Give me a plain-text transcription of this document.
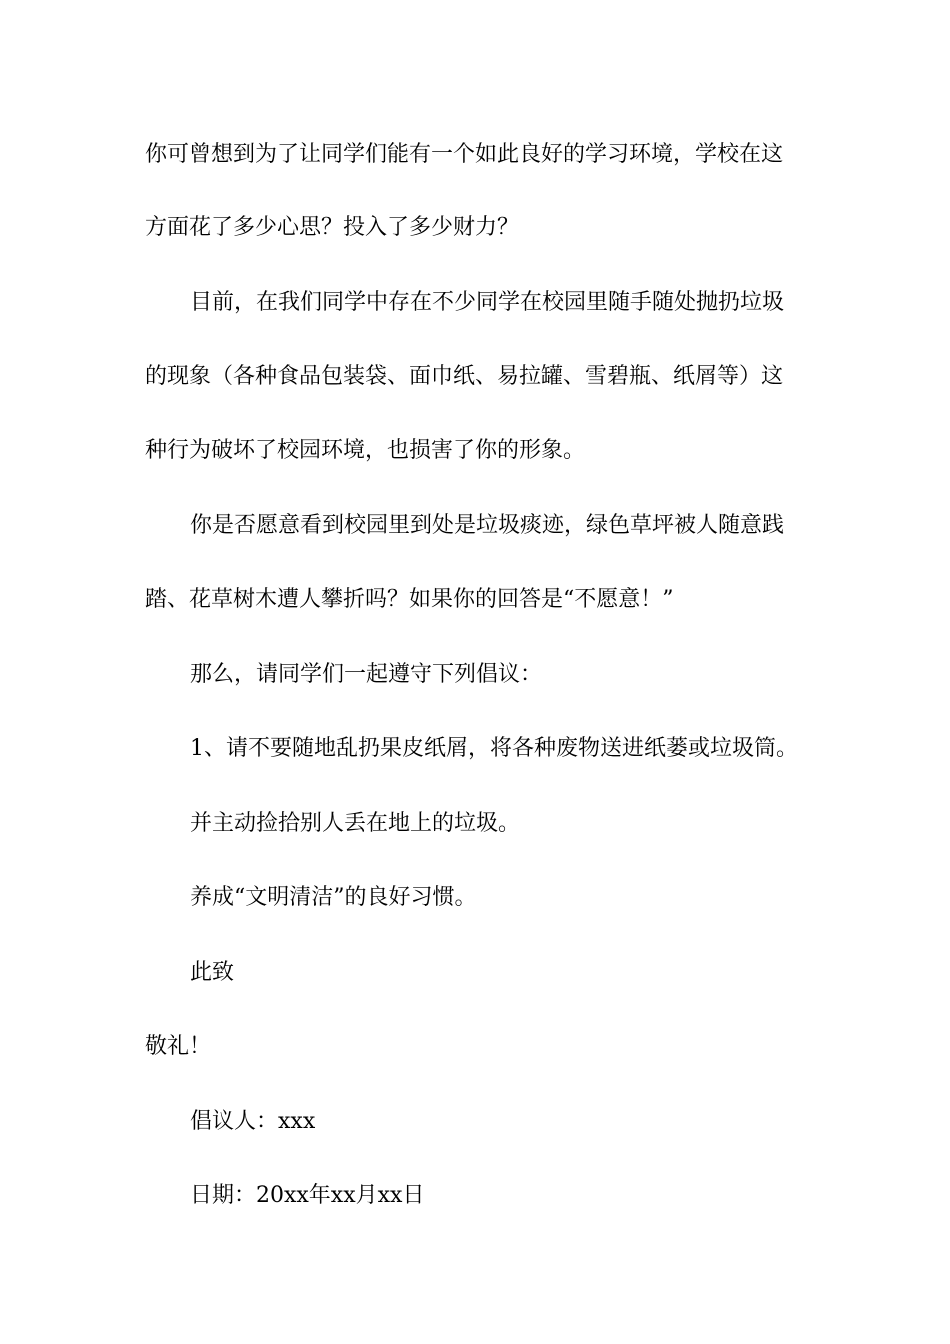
你可曾想到为了让同学们能有一个如此良好的学习环境，学校在这
方面花了多少心思？投入了多少财力？
目前，在我们同学中存在不少同学在校园里随手随处抛扔垃圾
的现象（各种食品包装袋、面巾纸、易拉罐、雪碧瓶、纸屑等）这
种行为破坏了校园环境，也损害了你的形象。
你是否愿意看到校园里到处是垃圾痰迹，绿色草坪被人随意践
踏、花草树木遭人攀折吗？如果你的回答是“不愿意！”
那么，请同学们一起遵守下列倡议：
1、请不要随地乱扔果皮纸屑，将各种废物送进纸蒌或垃圾筒。
并主动捡拾别人丢在地上的垃圾。
养成“文明清洁”的良好习惯。
此致
敬礼！
倡议人：xxx
日期：20xx年xx月xx日
